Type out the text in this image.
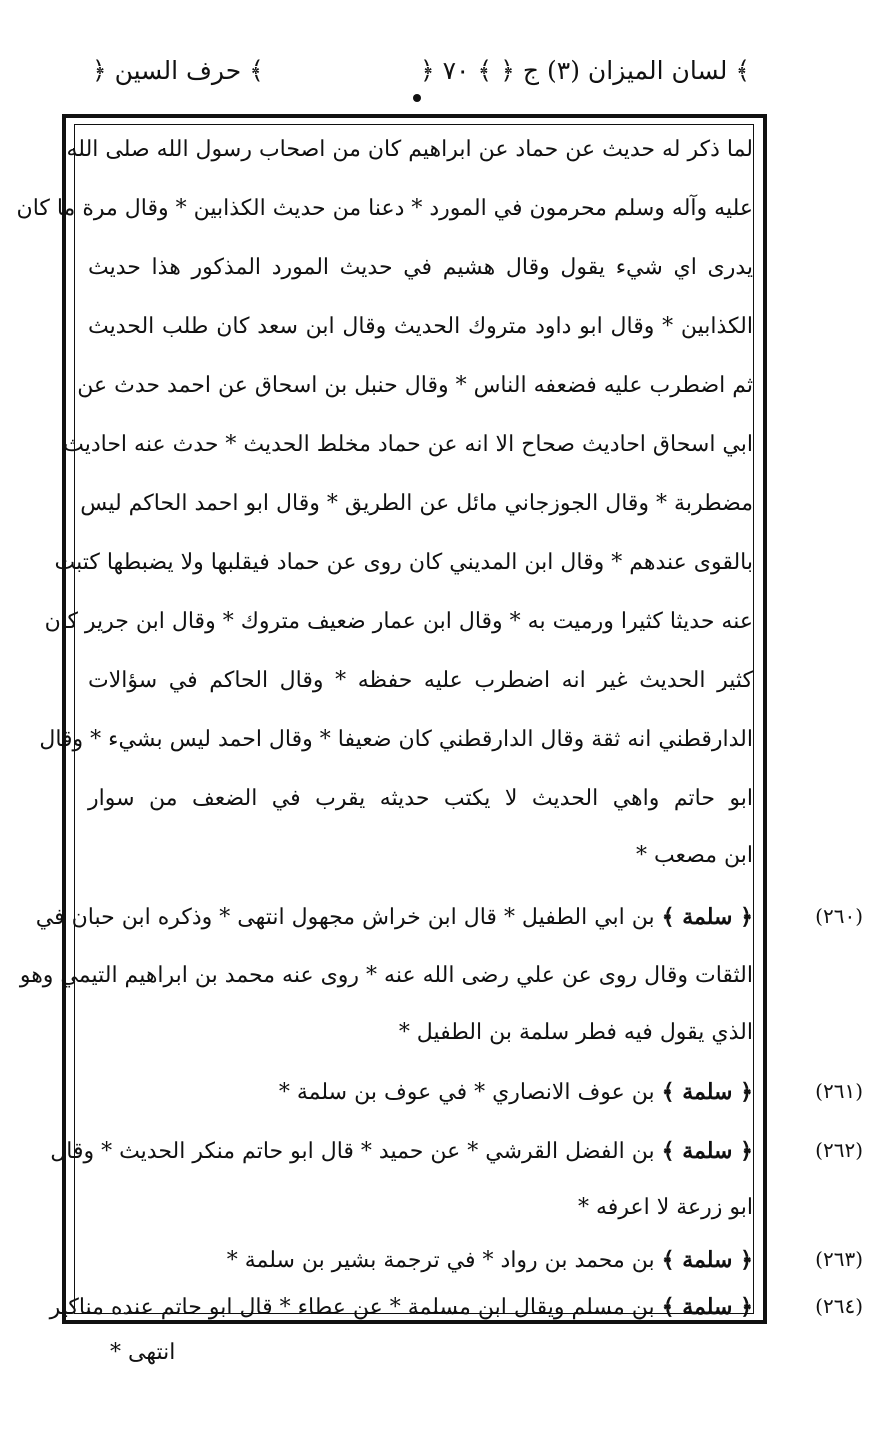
﴿ حرف السين ﴾	﴿ ٧٠ ﴾ ﴿ لسان الميزان (٣) ج ﴾
لما ذكر له حديث عن حماد عن ابراهيم كان من اصحاب رسول الله صلى الله
عليه وآله وسلم محرمون في المورد * دعنا من حديث الكذابين * وقال مرة ما كان
يدرى اي شيء يقول وقال هشيم في حديث المورد المذكور هذا حديث
الكذابين * وقال ابو داود متروك الحديث وقال ابن سعد كان طلب الحديث
ثم اضطرب عليه فضعفه الناس * وقال حنبل بن اسحاق عن احمد حدث عن
ابي اسحاق احاديث صحاح الا انه عن حماد مخلط الحديث * حدث عنه احاديث
مضطربة * وقال الجوزجاني مائل عن الطريق * وقال ابو احمد الحاكم ليس
بالقوى عندهم * وقال ابن المديني كان روى عن حماد فيقلبها ولا يضبطها كتبت
عنه حديثا كثيرا ورميت به * وقال ابن عمار ضعيف متروك * وقال ابن جرير كان
كثير الحديث غير انه اضطرب عليه حفظه * وقال الحاكم في سؤالات
الدارقطني انه ثقة وقال الدارقطني كان ضعيفا * وقال احمد ليس بشيء * وقال
ابو حاتم واهي الحديث لا يكتب حديثه يقرب في الضعف من سوار
ابن مصعب *
﴿ سلمة ﴾ بن ابي الطفيل * قال ابن خراش مجهول انتهى * وذكره ابن حبان في
الثقات وقال روى عن علي رضى الله عنه * روى عنه محمد بن ابراهيم التيمي وهو
الذي يقول فيه فطر سلمة بن الطفيل *
﴿ سلمة ﴾ بن عوف الانصاري * في عوف بن سلمة *
﴿ سلمة ﴾ بن الفضل القرشي * عن حميد * قال ابو حاتم منكر الحديث * وقال
ابو زرعة لا اعرفه *
﴿ سلمة ﴾ بن محمد بن رواد * في ترجمة بشير بن سلمة *
﴿ سلمة ﴾ بن مسلم ويقال ابن مسلمة * عن عطاء * قال ابو حاتم عنده مناكير
(٢٦٠)
(٢٦١)
(٢٦٢)
(٢٦٣)
(٢٦٤)
انتهى *
